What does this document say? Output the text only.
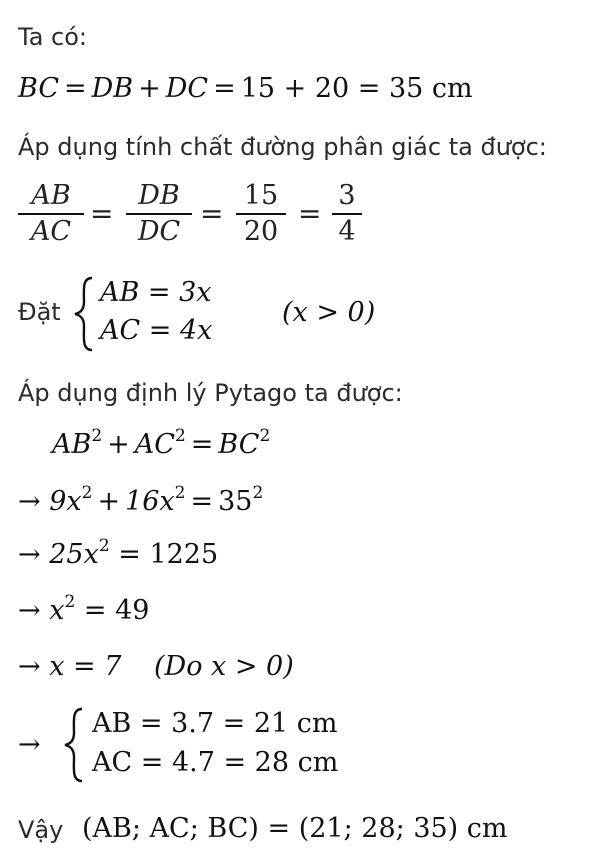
Ta có:
BC = DB + DC = 15 + 20 = 35 cm
Áp dụng tính chất đường phân giác ta được:
AB
AC
=
DB
DC
=
15
20
=
3
4
Đặt
AB = 3x
AC = 4x
(x > 0)
Áp dụng định lý Pytago ta được:
$AB^2 + AC^2 = BC^2$
→ $9x^2 + 16x^2 = 35^2$
→ $25x^2 = 1225$
→ $x^2 = 49$
→ x = 7 (Do x > 0)
→
AB = 3.7 = 21 cm
AC = 4.7 = 28 cm
Vậy (AB; AC; BC) = (21; 28; 35) cm
